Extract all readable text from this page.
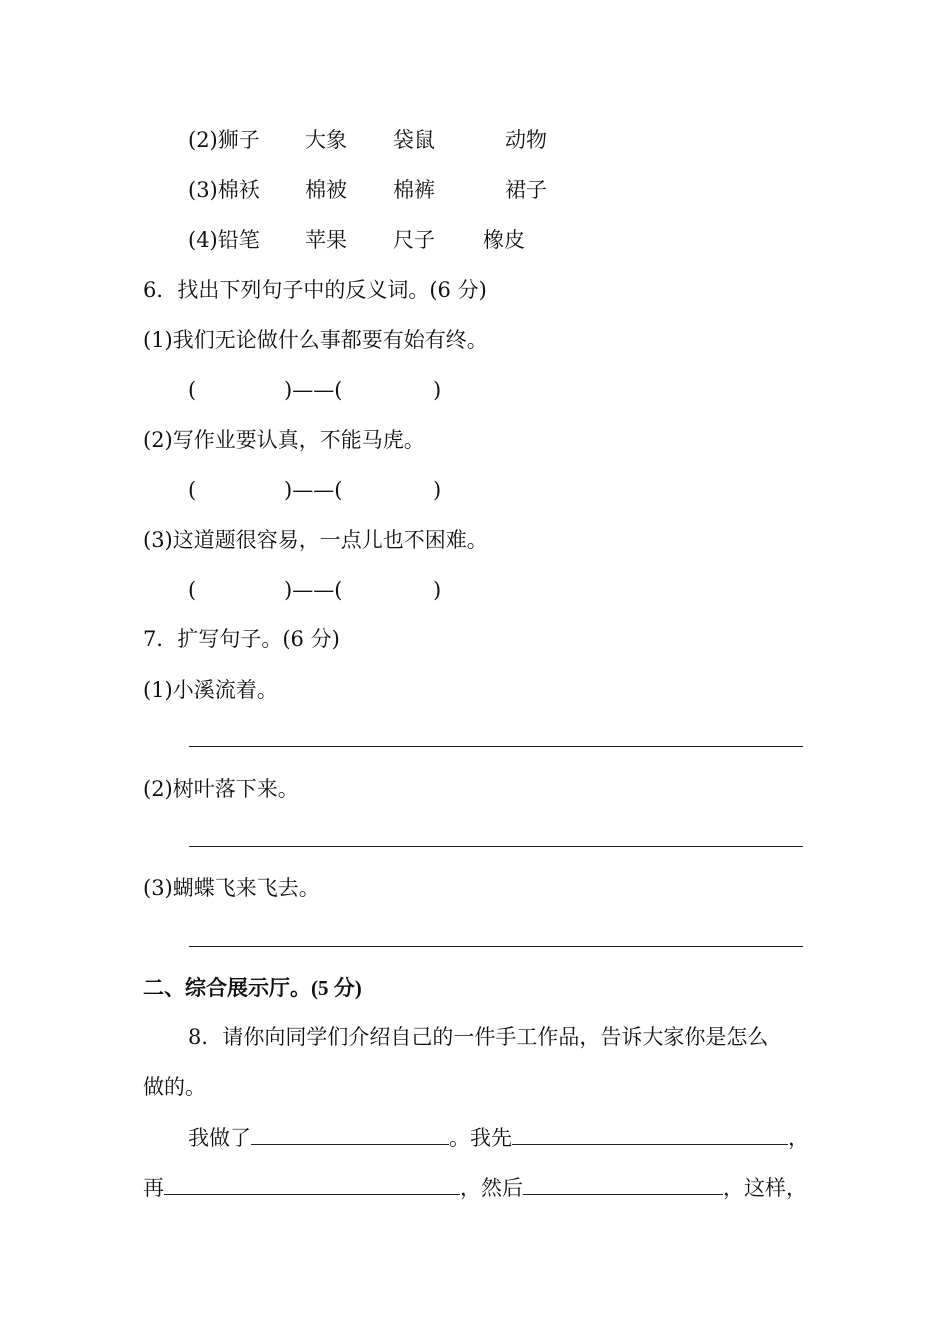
(2)狮子 大象 袋鼠	动物
(3)棉袄 棉被 棉裤	裙子
(4)铅笔 苹果 尺子 橡皮
6．找出下列句子中的反义词。(6 分)
(1)我们无论做什么事都要有始有终。
(	)——(	)
(2)写作业要认真，不能马虎。
(	)——(	)
(3)这道题很容易，一点儿也不困难。
(	)——(	)
7．扩写句子。(6 分)
(1)小溪流着。
(2)树叶落下来。
(3)蝴蝶飞来飞去。
二、综合展示厅。(5 分)
8．请你向同学们介绍自己的一件手工作品，告诉大家你是怎么
做的。
我做了	。我先	，
再	，然后	，这样，
